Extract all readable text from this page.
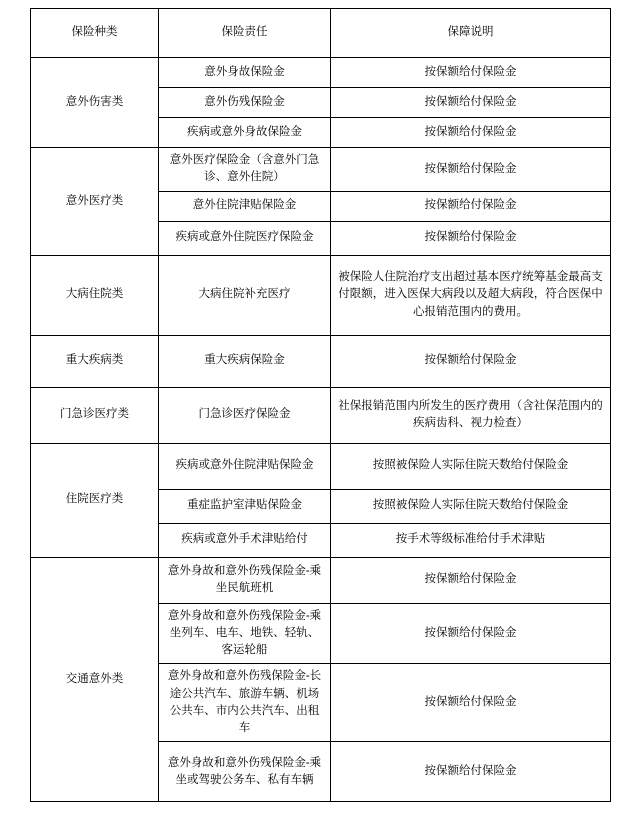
保险种类	保险责任	保障说明
意外伤害类	意外身故保险金	按保额给付保险金
	意外伤残保险金	按保额给付保险金
	疾病或意外身故保险金	按保额给付保险金
意外医疗类	意外医疗保险金（含意外门急诊、意外住院）	按保额给付保险金
	意外住院津贴保险金	按保额给付保险金
	疾病或意外住院医疗保险金	按保额给付保险金
大病住院类	大病住院补充医疗	被保险人住院治疗支出超过基本医疗统筹基金最高支付限额，进入医保大病段以及超大病段，符合医保中心报销范围内的费用。
重大疾病类	重大疾病保险金	按保额给付保险金
门急诊医疗类	门急诊医疗保险金	社保报销范围内所发生的医疗费用（含社保范围内的疾病齿科、视力检查）
住院医疗类	疾病或意外住院津贴保险金	按照被保险人实际住院天数给付保险金
	重症监护室津贴保险金	按照被保险人实际住院天数给付保险金
	疾病或意外手术津贴给付	按手术等级标准给付手术津贴
交通意外类	意外身故和意外伤残保险金-乘坐民航班机	按保额给付保险金
	意外身故和意外伤残保险金-乘坐列车、电车、地铁、轻轨、客运轮船	按保额给付保险金
	意外身故和意外伤残保险金-长途公共汽车、旅游车辆、机场公共车、市内公共汽车、出租车	按保额给付保险金
	意外身故和意外伤残保险金-乘坐或驾驶公务车、私有车辆	按保额给付保险金
